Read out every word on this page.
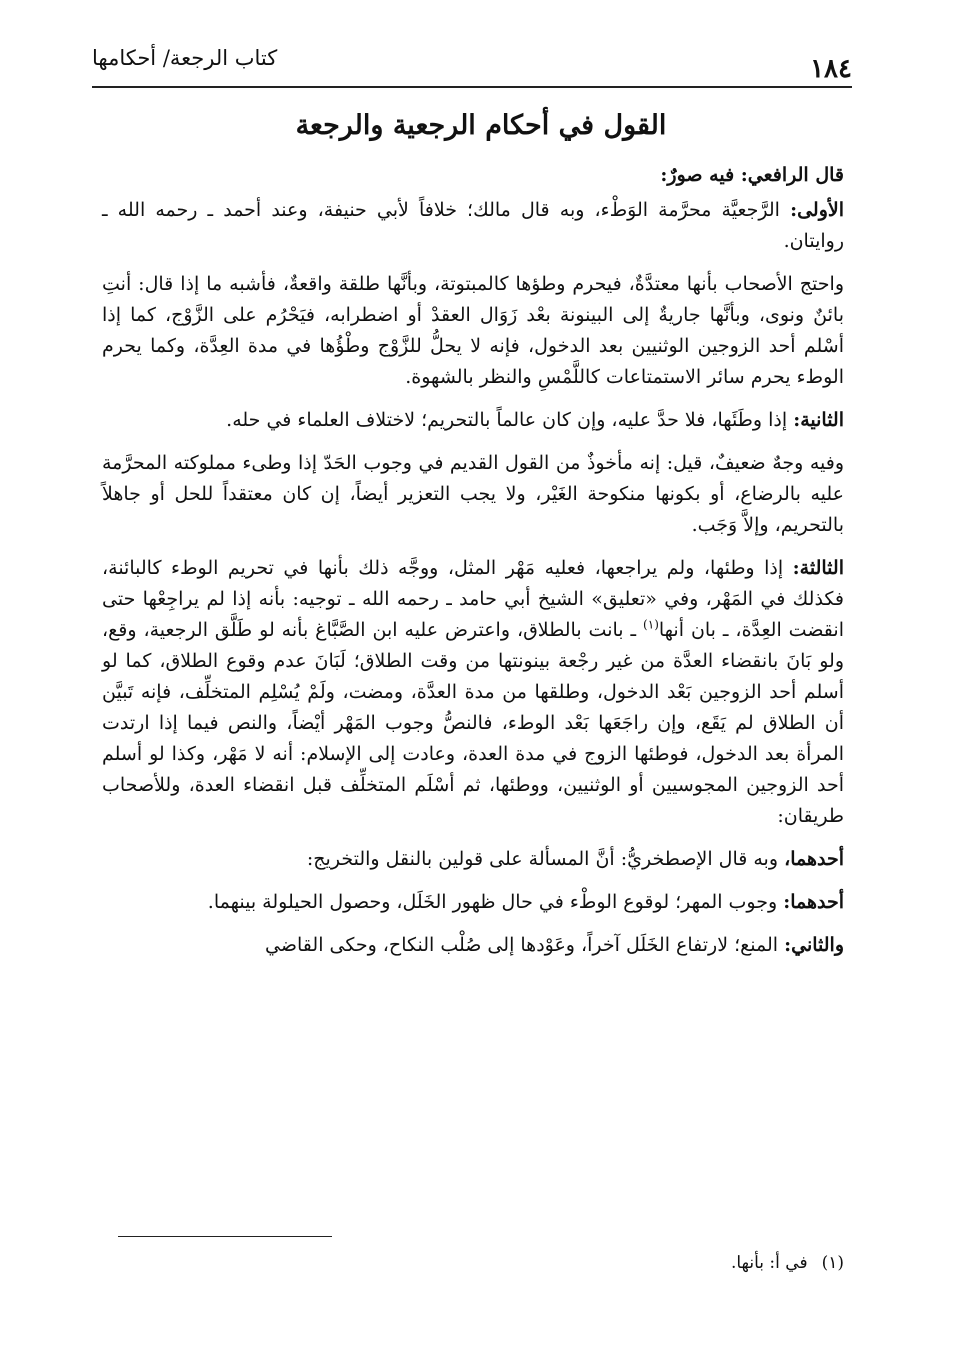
١٨٤
كتاب الرجعة/ أحكامها
القول في أحكام الرجعية والرجعة

قال الرافعي: فيه صورٌ:

الأولى: الرَّجعيَّة محرَّمة الوَطْء، وبه قال مالك؛ خلافاً لأبي حنيفة، وعند أحمد ـ رحمه الله ـ روايتان.

واحتج الأصحاب بأنها معتدَّةٌ، فيحرم وطؤها كالمبتوتة، وبأنَّها طلقة واقعةٌ، فأشبه ما إذا قال: أنتِ بائنٌ ونوى، وبأنَّها جاريةٌ إلى البينونة بعْد زَوَال العقدْ أو اضطرابه، فيَحْرُم على الزَّوْج، كما إذا أسْلم أحد الزوجين الوثنيين بعد الدخول، فإنه لا يحلُّ للزَّوْج وطْؤُها في مدة العِدَّة، وكما يحرم الوطء يحرم سائر الاستمتاعات كاللَّمْسِ والنظر بالشهوة.

الثانية: إذا وطَئَها، فلا حدَّ عليه، وإن كان عالماً بالتحريم؛ لاختلاف العلماء في حله.

وفيه وجهٌ ضعيفٌ، قيل: إنه مأخوذٌ من القول القديم في وجوب الحَدّ إذا وطىء مملوكته المحرَّمة عليه بالرضاع، أو بكونها منكوحة الغَيْر، ولا يجب التعزير أيضاً، إن كان معتقداً للحل أو جاهلاً بالتحريم، وإلاَّ وَجَب.

الثالثة: إذا وطئها، ولم يراجعها، فعليه مَهْر المثل، ووجَّه ذلك بأنها في تحريم الوطء كالبائنة، فكذلك في المَهْر، وفي «تعليق» الشيخ أبي حامد ـ رحمه الله ـ توجيه: بأنه إذا لم يراجِعْها حتى انقضت العِدَّة، ـ بان أنها$^{(١)}$ ـ بانت بالطلاق، واعترض عليه ابن الصَّبَّاغ بأنه لو طَلَّق الرجعية، وقع، ولو بَانَ بانقضاء العدَّة من غير رجْعة بينونتها من وقت الطلاق؛ لَبَانَ عدم وقوع الطلاق، كما لو أسلم أحد الزوجين بَعْد الدخول، وطلقها من مدة العدَّة، ومضت، ولَمْ يُسْلِم المتخلِّف، فإنه تَبيَّن أن الطلاق لم يَقَع، وإن راجَعَها بَعْد الوطء، فالنصُّ وجوب المَهْر أيْضاً، والنص فيما إذا ارتدت المرأة بعد الدخول، فوطئها الزوج في مدة العدة، وعادت إلى الإسلام: أنه لا مَهْر، وكذا لو أسلم أحد الزوجين المجوسيين أو الوثنيين، ووطئها، ثم أسْلَم المتخلِّف قبل انقضاء العدة، وللأصحاب طريقان:

أحدهما، وبه قال الإصطخريُّ: أنَّ المسألة على قولين بالنقل والتخريج:

أحدهما: وجوب المهر؛ لوقوع الوطْء في حال ظهور الخَلَل، وحصول الحيلولة بينهما.

والثاني: المنع؛ لارتفاع الخَلَل آخراً، وعَوْدها إلى صُلْب النكاح، وحكى القاضي

(١)في أ: بأنها.
